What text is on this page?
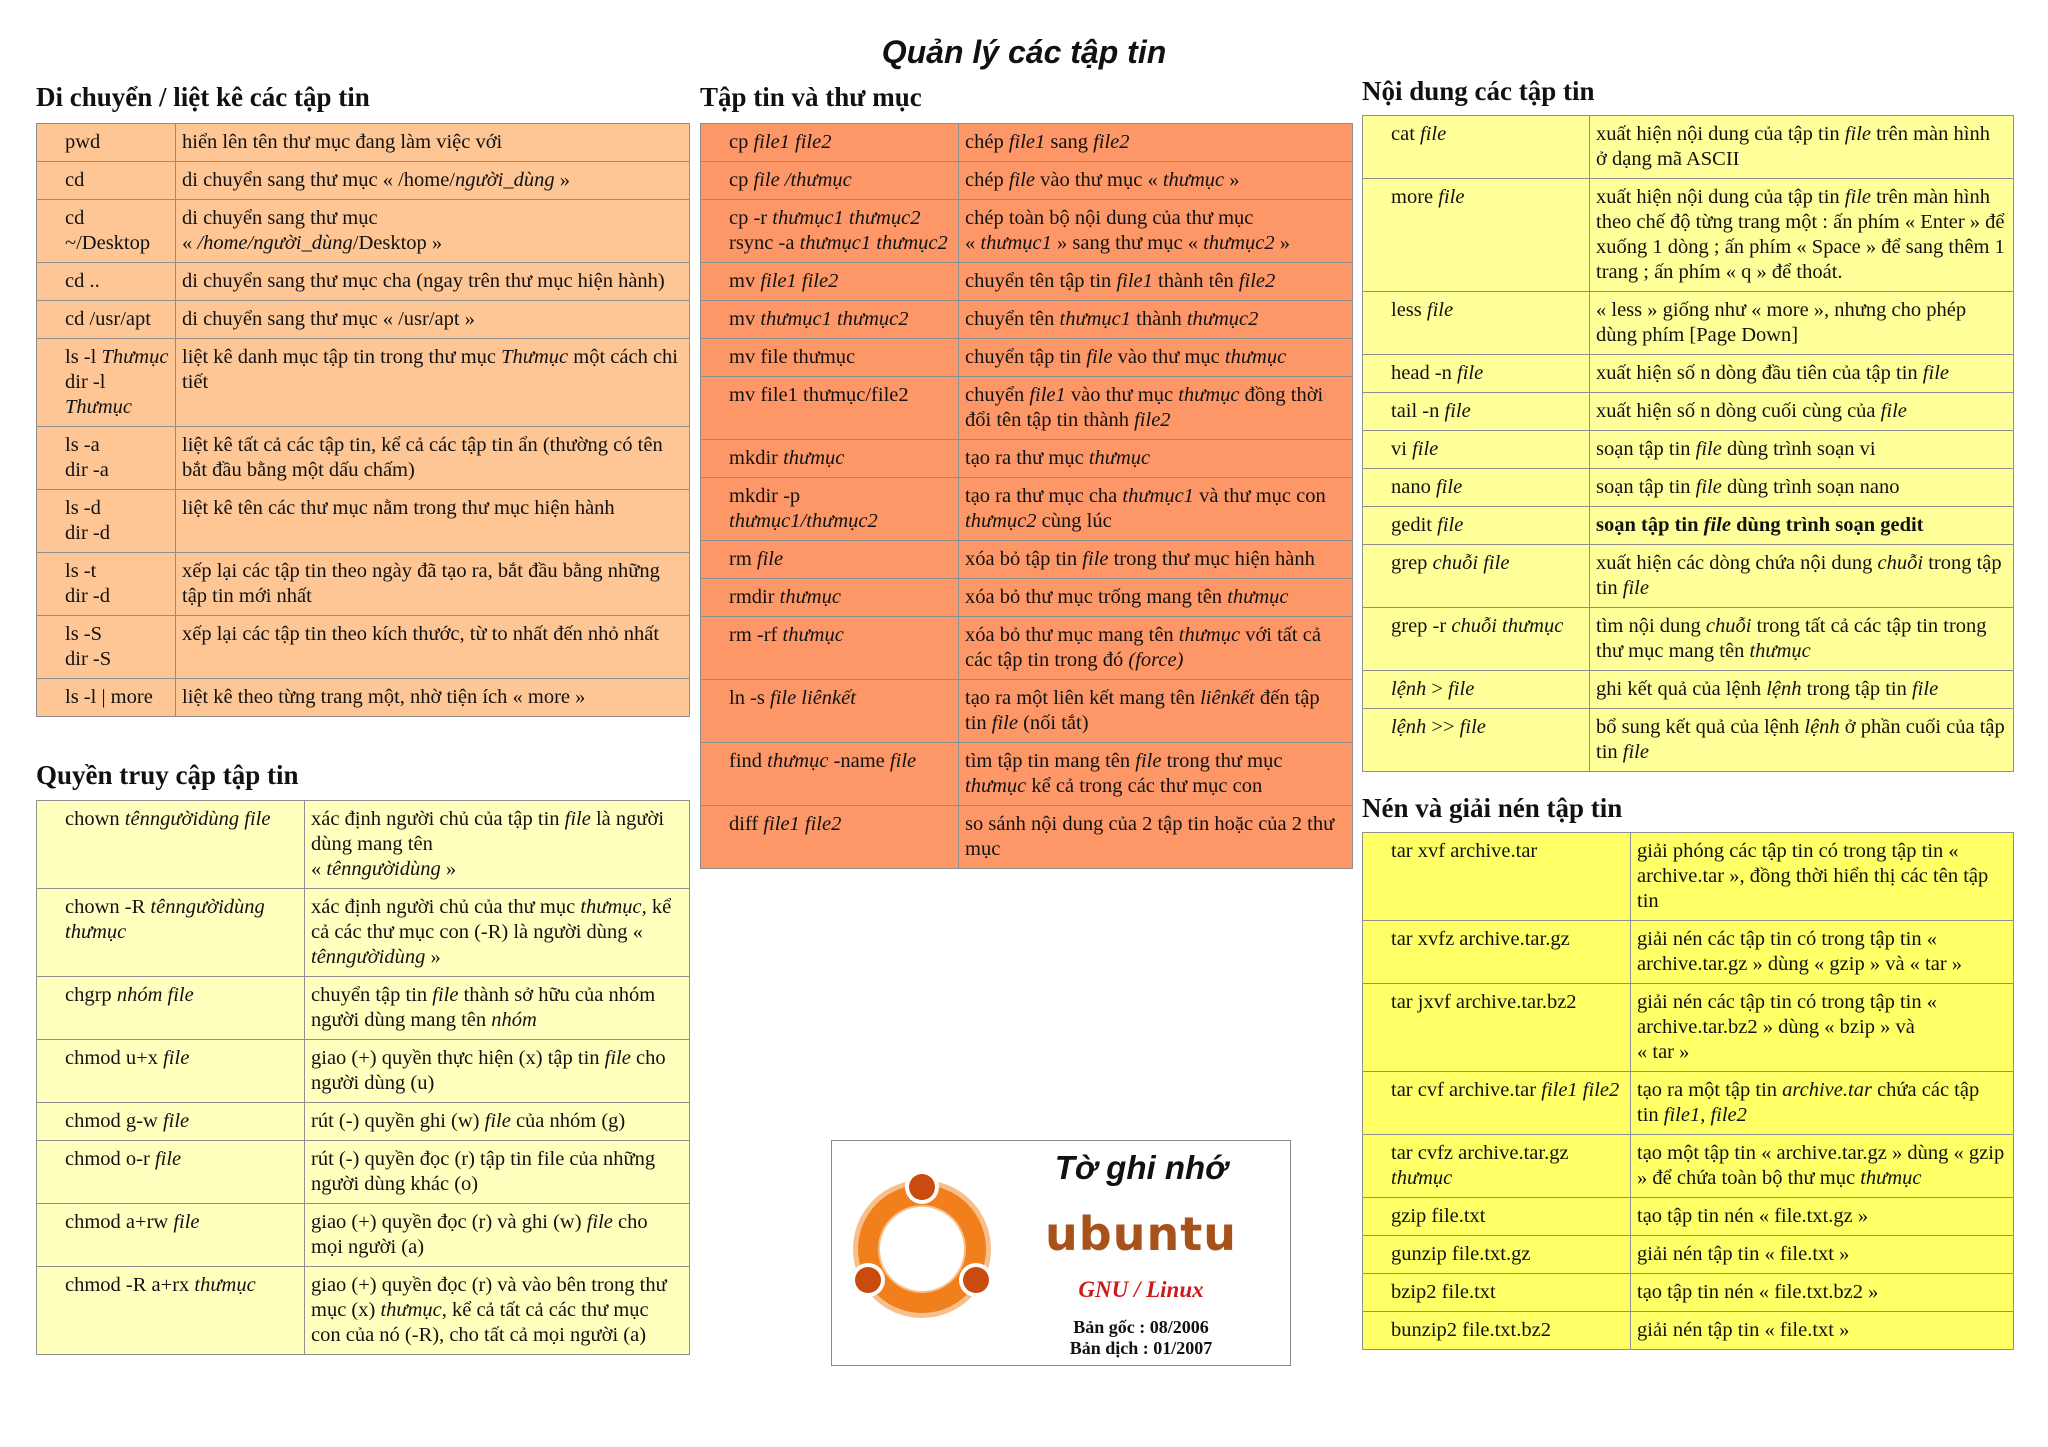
Quản lý các tập tin
Di chuyển / liệt kê các tập tin
pwd	hiển lên tên thư mục đang làm việc với
cd	di chuyển sang thư mục « /home/người_dùng »
cd ~/Desktop	di chuyển sang thư mục
« /home/người_dùng/Desktop »
cd ..	di chuyển sang thư mục cha (ngay trên thư mục hiện hành)
cd /usr/apt	di chuyển sang thư mục « /usr/apt »
ls -l Thưmục
dir -l Thưmục	liệt kê danh mục tập tin trong thư mục Thưmục một cách chi tiết
ls -a
dir -a	liệt kê tất cả các tập tin, kể cả các tập tin ẩn (thường có tên bắt đầu bằng một dấu chấm)
ls -d
dir -d	liệt kê tên các thư mục nằm trong thư mục hiện hành
ls -t
dir -d	xếp lại các tập tin theo ngày đã tạo ra, bắt đầu bằng những tập tin mới nhất
ls -S
dir -S	xếp lại các tập tin theo kích thước, từ to nhất đến nhỏ nhất
ls -l | more	liệt kê theo từng trang một, nhờ tiện ích « more »
Quyền truy cập tập tin
chown tênngườidùng file	xác định người chủ của tập tin file là người dùng mang tên
« tênngườidùng »
chown -R tênngườidùng thưmục	xác định người chủ của thư mục thưmục, kể cả các thư mục con (-R) là người dùng « tênngườidùng »
chgrp nhóm file	chuyển tập tin file thành sở hữu của nhóm người dùng mang tên nhóm
chmod u+x file	giao (+) quyền thực hiện (x) tập tin file cho người dùng (u)
chmod g-w file	rút (-) quyền ghi (w) file của nhóm (g)
chmod o-r file	rút (-) quyền đọc (r) tập tin file của những người dùng khác (o)
chmod a+rw file	giao (+) quyền đọc (r) và ghi (w) file cho mọi người (a)
chmod -R a+rx thưmục	giao (+) quyền đọc (r) và vào bên trong thư mục (x) thưmục, kể cả tất cả các thư mục con của nó (-R), cho tất cả mọi người (a)
Tập tin và thư mục
cp file1 file2	chép file1 sang file2
cp file /thưmục	chép file vào thư mục « thưmục »
cp -r thưmục1 thưmục2
rsync -a thưmục1 thưmục2	chép toàn bộ nội dung của thư mục
« thưmục1 » sang thư mục « thưmục2 »
mv file1 file2	chuyển tên tập tin file1 thành tên file2
mv thưmục1 thưmục2	chuyển tên thưmục1 thành thưmục2
mv file thưmục	chuyển tập tin file vào thư mục thưmục
mv file1 thưmục/file2	chuyển file1 vào thư mục thưmục đồng thời đổi tên tập tin thành file2
mkdir thưmục	tạo ra thư mục thưmục
mkdir -p thưmục1/thưmục2	tạo ra thư mục cha thưmục1 và thư mục con thưmục2 cùng lúc
rm file	xóa bỏ tập tin file trong thư mục hiện hành
rmdir thưmục	xóa bỏ thư mục trống mang tên thưmục
rm -rf thưmục	xóa bỏ thư mục mang tên thưmục với tất cả các tập tin trong đó (force)
ln -s file liênkết	tạo ra một liên kết mang tên liênkết đến tập tin file (nối tắt)
find thưmục -name file	tìm tập tin mang tên file trong thư mục thưmục kể cả trong các thư mục con
diff file1 file2	so sánh nội dung của 2 tập tin hoặc của 2 thư mục
Nội dung các tập tin
cat file	xuất hiện nội dung của tập tin file trên màn hình ở dạng mã ASCII
more file	xuất hiện nội dung của tập tin file trên màn hình theo chế độ từng trang một : ấn phím « Enter » để xuống 1 dòng ; ấn phím « Space » để sang thêm 1 trang ; ấn phím « q » để thoát.
less file	« less » giống như « more », nhưng cho phép dùng phím [Page Down]
head -n file	xuất hiện số n dòng đầu tiên của tập tin file
tail -n file	xuất hiện số n dòng cuối cùng của file
vi file	soạn tập tin file dùng trình soạn vi
nano file	soạn tập tin file dùng trình soạn nano
gedit file	soạn tập tin file dùng trình soạn gedit
grep chuỗi file	xuất hiện các dòng chứa nội dung chuỗi trong tập tin file
grep -r chuỗi thưmục	tìm nội dung chuỗi trong tất cả các tập tin trong thư mục mang tên thưmục
lệnh > file	ghi kết quả của lệnh lệnh trong tập tin file
lệnh >> file	bổ sung kết quả của lệnh lệnh ở phần cuối của tập tin file
Nén và giải nén tập tin
tar xvf archive.tar	giải phóng các tập tin có trong tập tin « archive.tar », đồng thời hiển thị các tên tập tin
tar xvfz archive.tar.gz	giải nén các tập tin có trong tập tin « archive.tar.gz » dùng « gzip » và « tar »
tar jxvf archive.tar.bz2	giải nén các tập tin có trong tập tin « archive.tar.bz2 » dùng « bzip » và
« tar »
tar cvf archive.tar file1 file2	tạo ra một tập tin archive.tar chứa các tập tin file1, file2
tar cvfz archive.tar.gz thưmục	tạo một tập tin « archive.tar.gz » dùng « gzip » để chứa toàn bộ thư mục thưmục
gzip file.txt	tạo tập tin nén « file.txt.gz »
gunzip file.txt.gz	giải nén tập tin « file.txt »
bzip2 file.txt	tạo tập tin nén « file.txt.bz2 »
bunzip2 file.txt.bz2	giải nén tập tin « file.txt »
Tờ ghi nhớ
ubuntu
GNU / Linux
Bản gốc : 08/2006
Bản dịch : 01/2007
